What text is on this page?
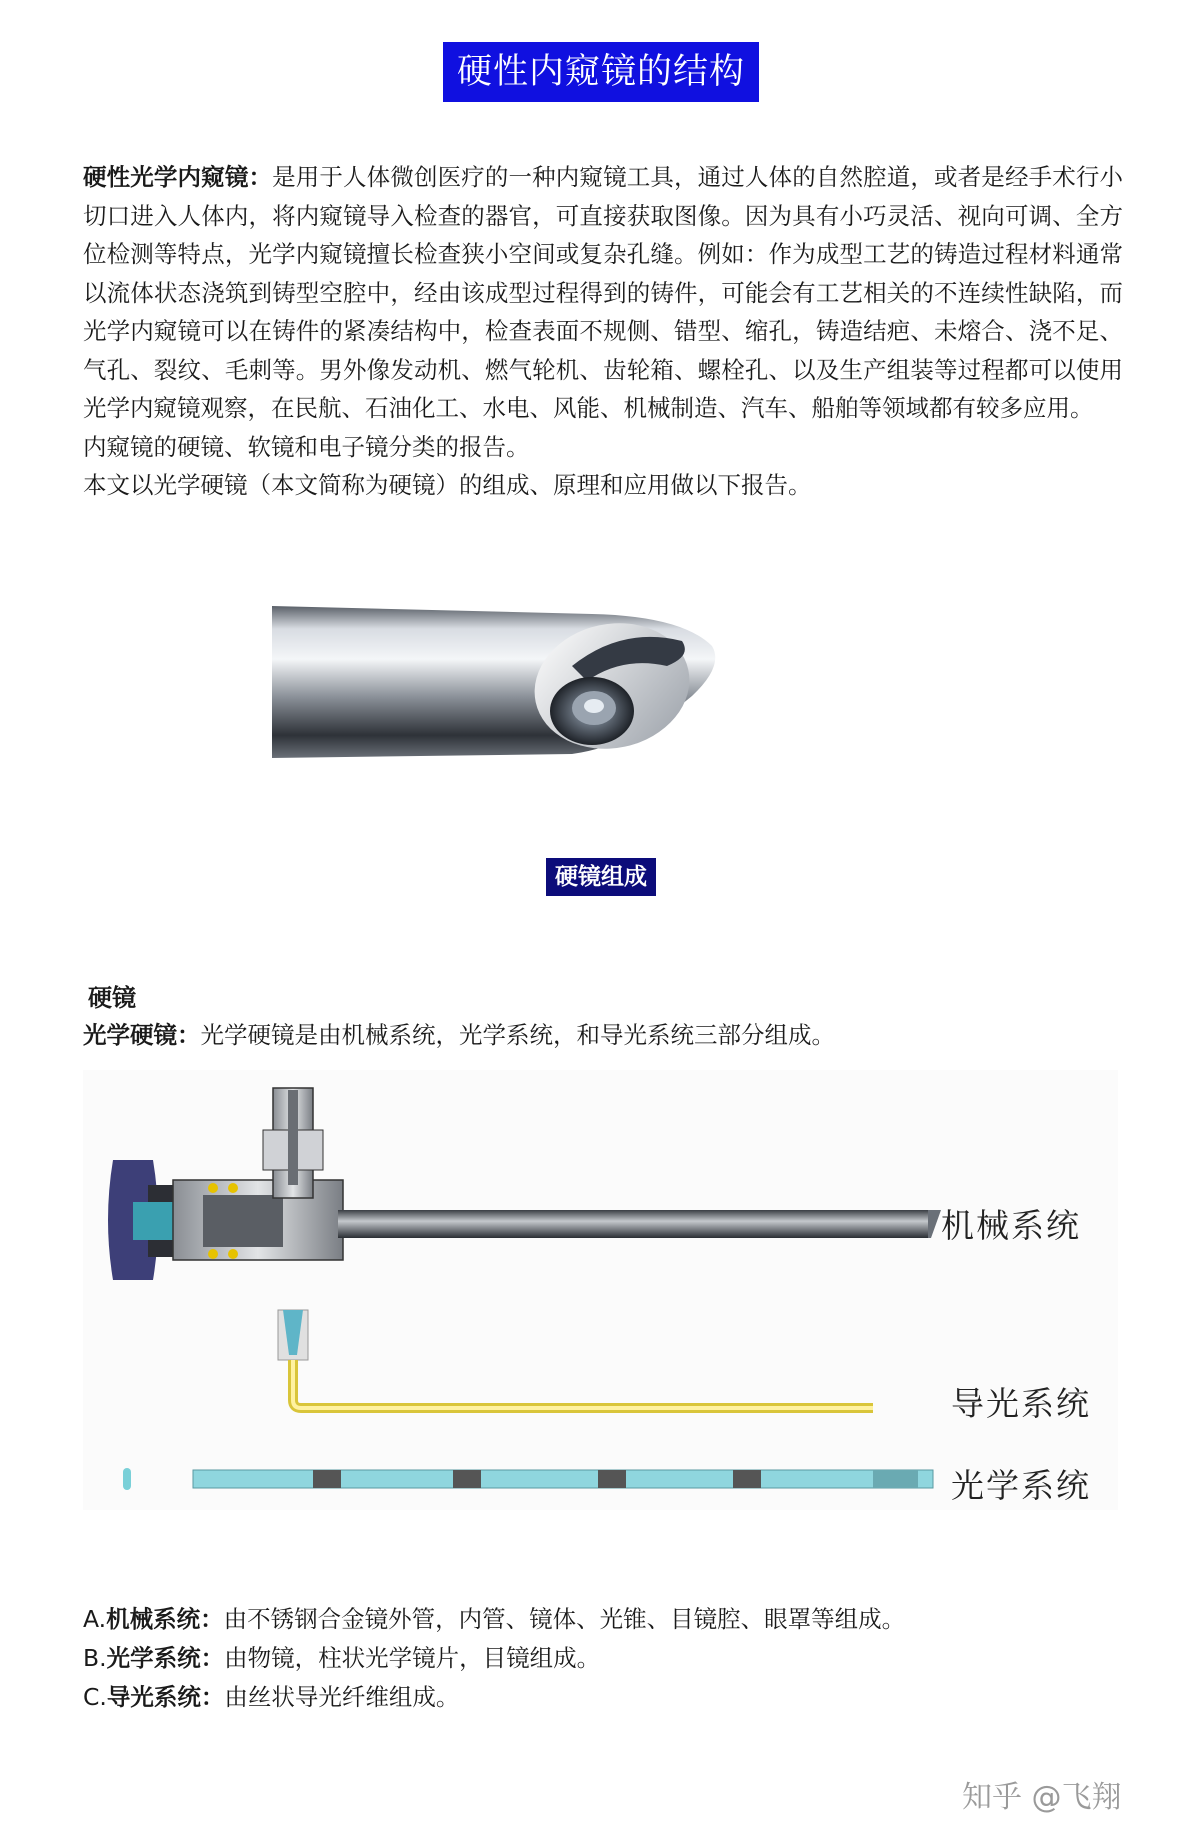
硬性内窥镜的结构图

硬性光学内窥镜：是用于人体微创医疗的一种内窥镜工具，通过人体的自然腔道，或者是经手术行小切口进入人体内，将内窥镜导入检查的器官，可直接获取图像。因为具有小巧灵活、视向可调、全方位检测等特点，光学内窥镜擅长检查狭小空间或复杂孔缝。例如：作为成型工艺的铸造过程材料通常以流体状态浇筑到铸型空腔中，经由该成型过程得到的铸件，可能会有工艺相关的不连续性缺陷，而光学内窥镜可以在铸件的紧凑结构中，检查表面不规侧、错型、缩孔，铸造结疤、未熔合、浇不足、气孔、裂纹、毛刺等。男外像发动机、燃气轮机、齿轮箱、螺栓孔、以及生产组装等过程都可以使用光学内窥镜观察，在民航、石油化工、水电、风能、机械制造、汽车、船舶等领域都有较多应用。

内窥镜的硬镜、软镜和电子镜分类的报告。

本文以光学硬镜（本文简称为硬镜）的组成、原理和应用做以下报告。

硬镜组成
硬镜
光学硬镜：光学硬镜是由机械系统，光学系统，和导光系统三部分组成。
机械系统
导光系统
光学系统
A.机械系统：由不锈钢合金镜外管，内管、镜体、光锥、目镜腔、眼罩等组成。
B.光学系统：由物镜，柱状光学镜片，目镜组成。
C.导光系统：由丝状导光纤维组成。
知乎 @飞翔
